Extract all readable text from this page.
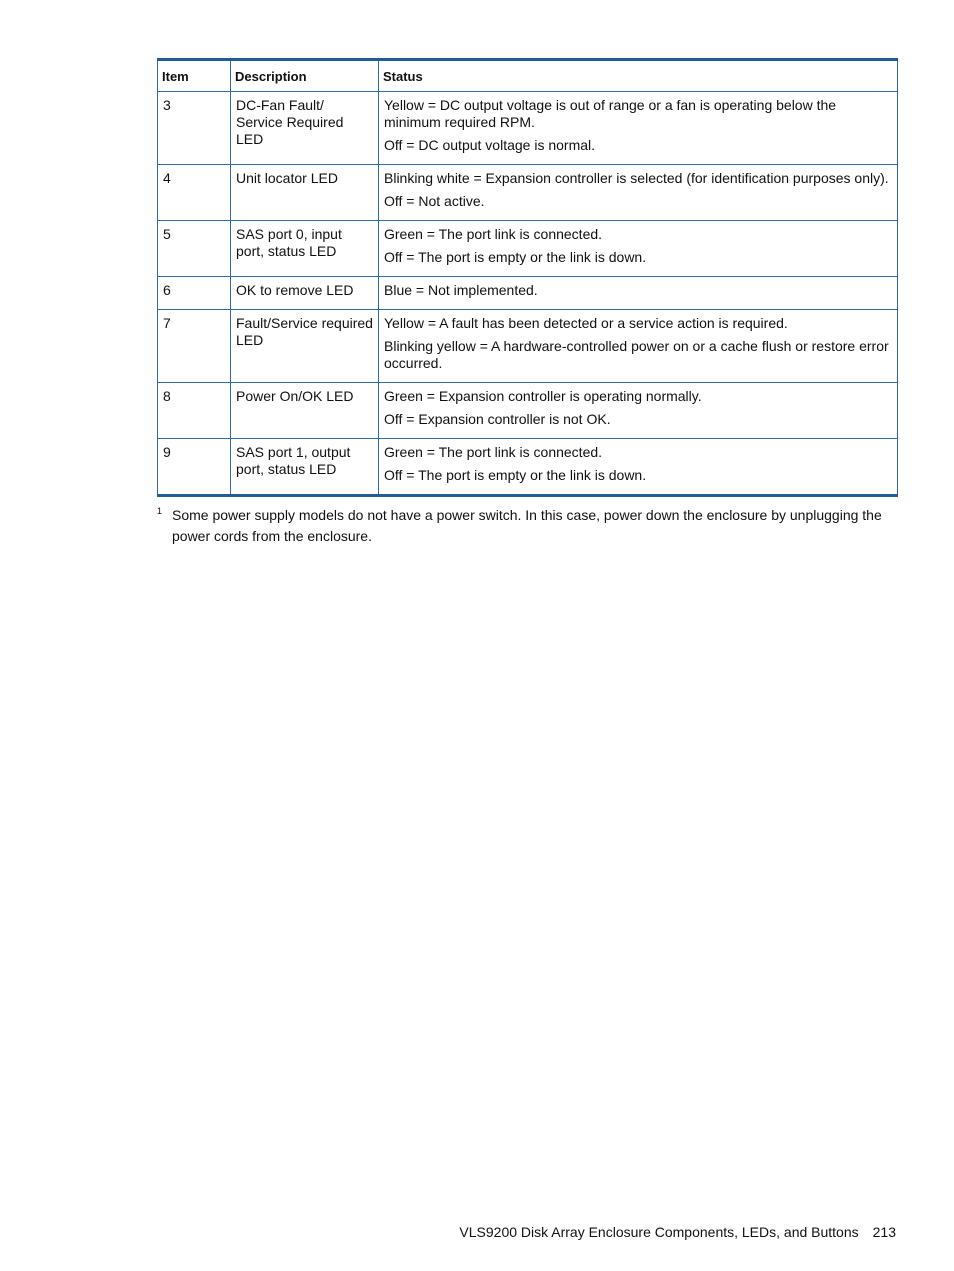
Item	Description	Status
3	DC-Fan Fault/ Service Required LED	Yellow = DC output voltage is out of range or a fan is operating below the minimum required RPM.

Off = DC output voltage is normal.

4	Unit locator LED	Blinking white = Expansion controller is selected (for identification purposes only).

Off = Not active.

5	SAS port 0, input port, status LED	Green = The port link is connected.

Off = The port is empty or the link is down.

6	OK to remove LED	Blue = Not implemented.

7	Fault/Service required LED	Yellow = A fault has been detected or a service action is required.

Blinking yellow = A hardware-controlled power on or a cache flush or restore error occurred.

8	Power On/OK LED	Green = Expansion controller is operating normally.

Off = Expansion controller is not OK.

9	SAS port 1, output port, status LED	Green = The port link is connected.

Off = The port is empty or the link is down.

1 Some power supply models do not have a power switch. In this case, power down the enclosure by unplugging the power cords from the enclosure.
VLS9200 Disk Array Enclosure Components, LEDs, and Buttons 213
